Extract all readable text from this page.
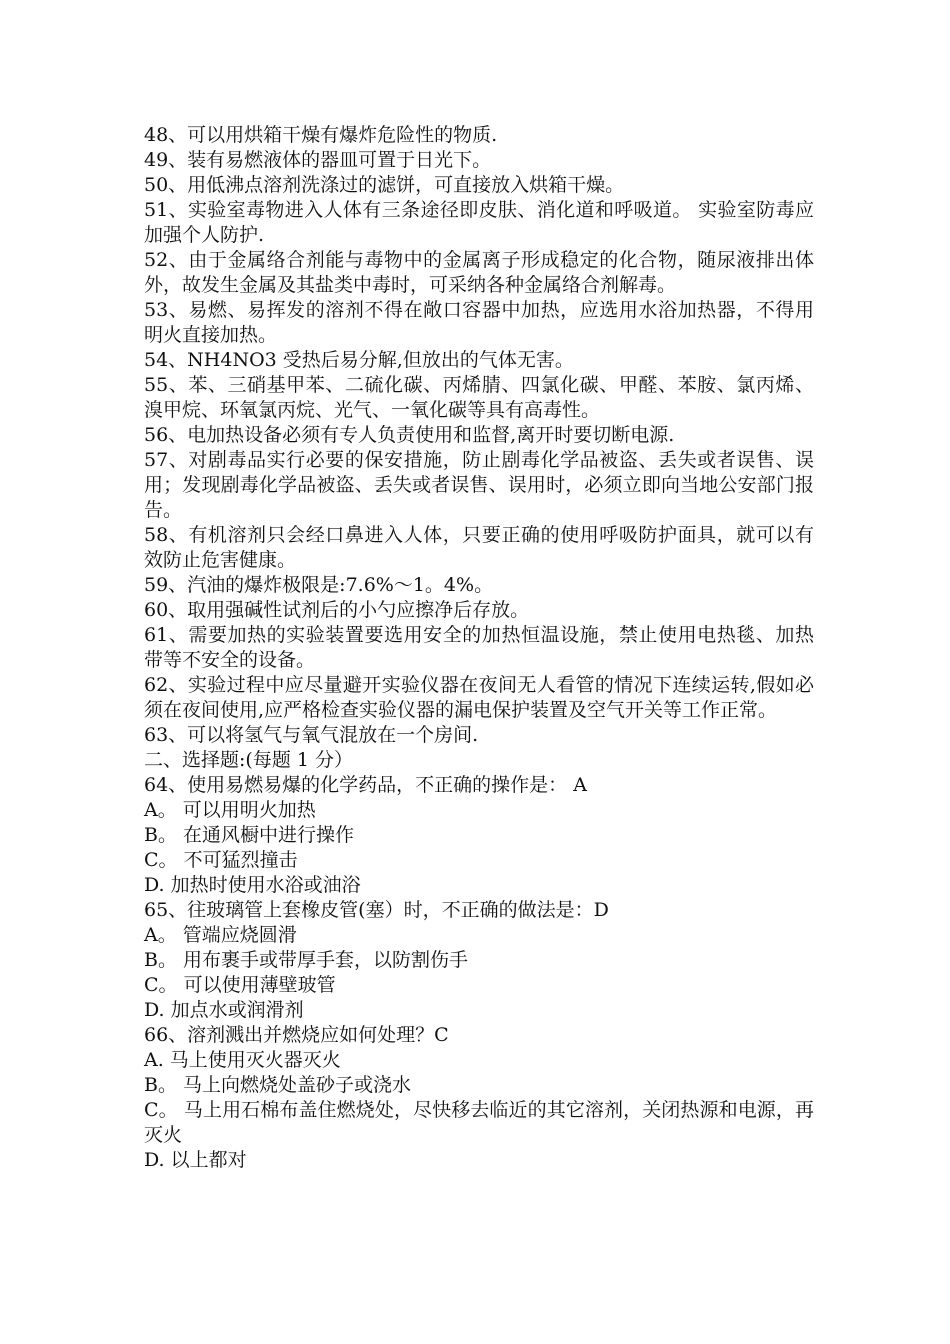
48、可以用烘箱干燥有爆炸危险性的物质.

49、装有易燃液体的器皿可置于日光下。

50、用低沸点溶剂洗涤过的滤饼，可直接放入烘箱干燥。

51、实验室毒物进入人体有三条途径即皮肤、消化道和呼吸道。 实验室防毒应加强个人防护.

52、由于金属络合剂能与毒物中的金属离子形成稳定的化合物，随尿液排出体外，故发生金属及其盐类中毒时，可采纳各种金属络合剂解毒。

53、易燃、易挥发的溶剂不得在敞口容器中加热，应选用水浴加热器，不得用明火直接加热。

54、NH4NO3 受热后易分解,但放出的气体无害。

55、苯、三硝基甲苯、二硫化碳、丙烯腈、四氯化碳、甲醛、苯胺、氯丙烯、溴甲烷、环氧氯丙烷、光气、一氧化碳等具有高毒性。

56、电加热设备必须有专人负责使用和监督,离开时要切断电源.

57、对剧毒品实行必要的保安措施，防止剧毒化学品被盗、丢失或者误售、误用；发现剧毒化学品被盗、丢失或者误售、误用时，必须立即向当地公安部门报告。

58、有机溶剂只会经口鼻进入人体，只要正确的使用呼吸防护面具，就可以有效防止危害健康。

59、汽油的爆炸极限是:7.6%～1。4%。

60、取用强碱性试剂后的小勺应擦净后存放。

61、需要加热的实验装置要选用安全的加热恒温设施，禁止使用电热毯、加热带等不安全的设备。

62、实验过程中应尽量避开实验仪器在夜间无人看管的情况下连续运转,假如必须在夜间使用,应严格检查实验仪器的漏电保护装置及空气开关等工作正常。

63、可以将氢气与氧气混放在一个房间.

二、选择题:(每题 1 分）

64、使用易燃易爆的化学药品，不正确的操作是： A

A。 可以用明火加热

B。 在通风橱中进行操作

C。 不可猛烈撞击

D. 加热时使用水浴或油浴

65、往玻璃管上套橡皮管(塞）时，不正确的做法是：D

A。 管端应烧圆滑

B。 用布裹手或带厚手套，以防割伤手

C。 可以使用薄壁玻管

D. 加点水或润滑剂

66、溶剂溅出并燃烧应如何处理？C

A. 马上使用灭火器灭火

B。 马上向燃烧处盖砂子或浇水

C。 马上用石棉布盖住燃烧处，尽快移去临近的其它溶剂，关闭热源和电源，再灭火

D. 以上都对
